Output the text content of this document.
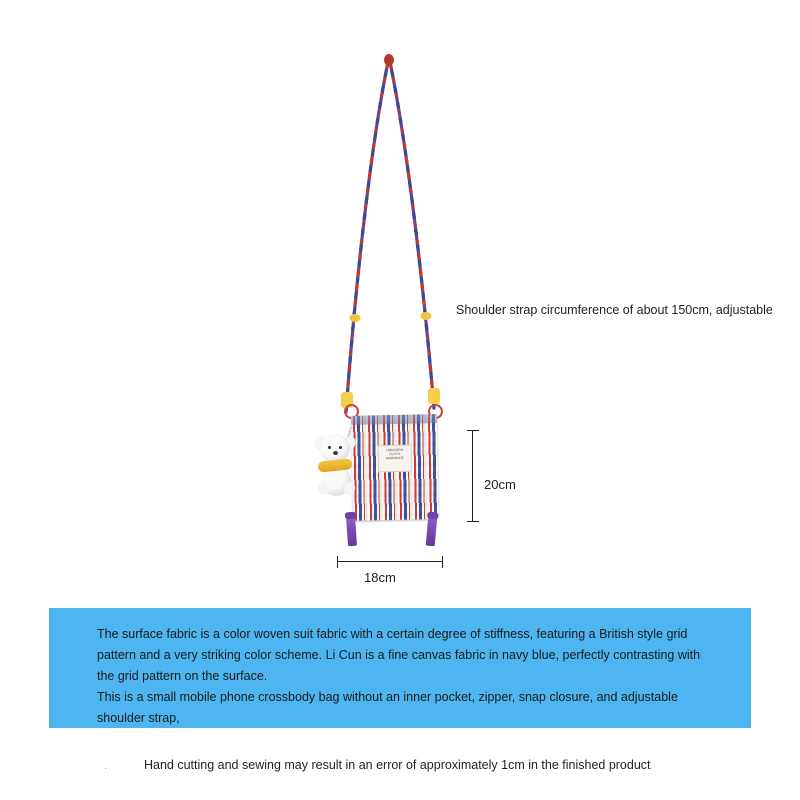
HODCORN CLOTH HANDMADE
Shoulder strap circumference of about 150cm, adjustable
20cm
18cm

The surface fabric is a color woven suit fabric with a certain degree of stiffness, featuring a British style grid pattern and a very striking color scheme. Li Cun is a fine canvas fabric in navy blue, perfectly contrasting with the grid pattern on the surface.

This is a small mobile phone crossbody bag without an inner pocket, zipper, snap closure, and adjustable shoulder strap,

·	Hand cutting and sewing may result in an error of approximately 1cm in the finished product
